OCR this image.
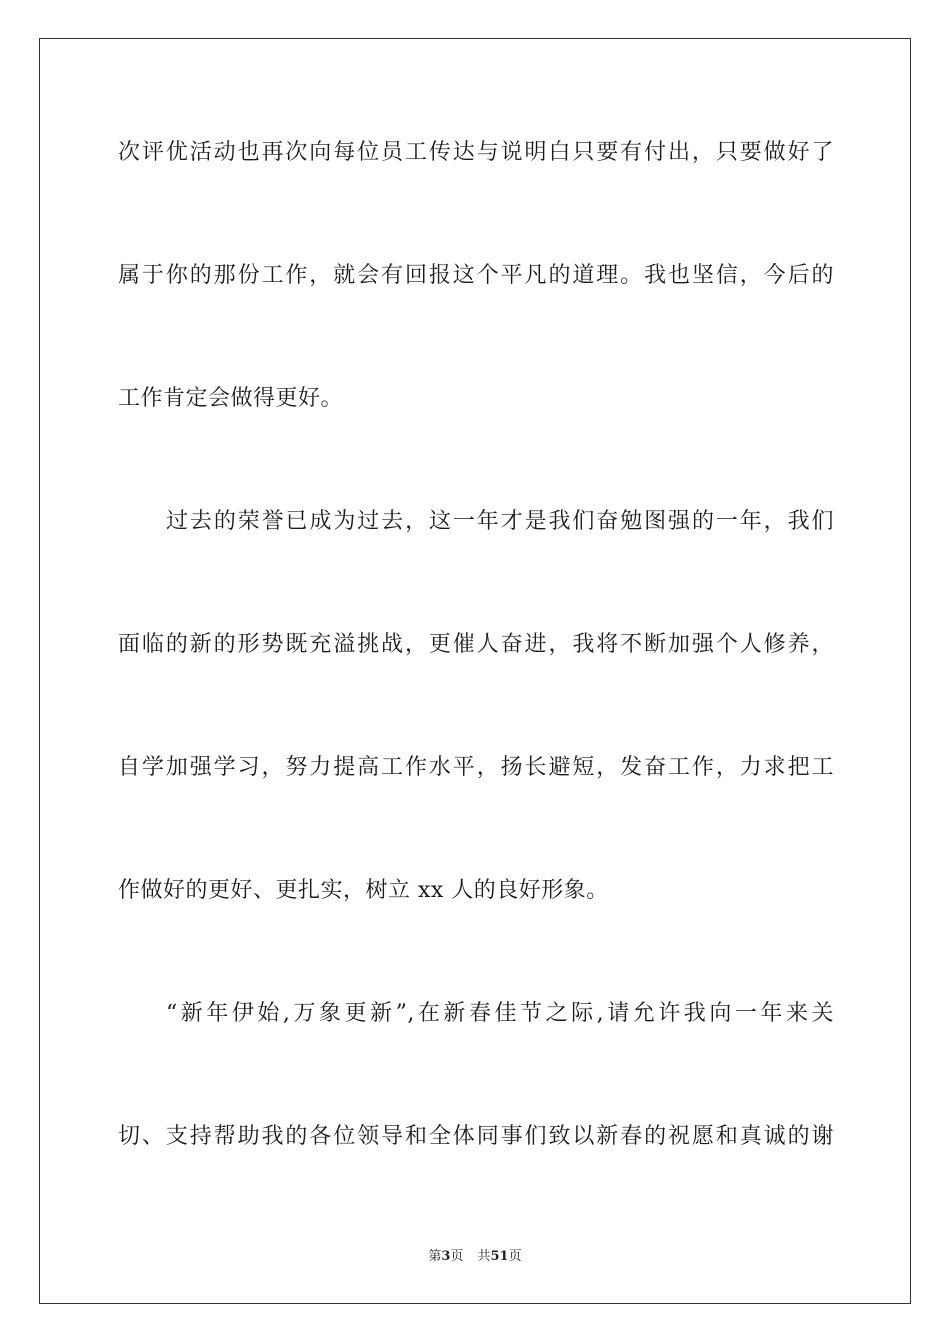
次评优活动也再次向每位员工传达与说明白只要有付出，只要做好了
属于你的那份工作，就会有回报这个平凡的道理。我也坚信，今后的
工作肯定会做得更好。
过去的荣誉已成为过去，这一年才是我们奋勉图强的一年，我们
面临的新的形势既充溢挑战，更催人奋进，我将不断加强个人修养，
自学加强学习，努力提高工作水平，扬长避短，发奋工作，力求把工
作做好的更好、更扎实，树立 xx 人的良好形象。
“新年伊始,万象更新”,在新春佳节之际,请允许我向一年来关
切、支持帮助我的各位领导和全体同事们致以新春的祝愿和真诚的谢
第3页 共51页
